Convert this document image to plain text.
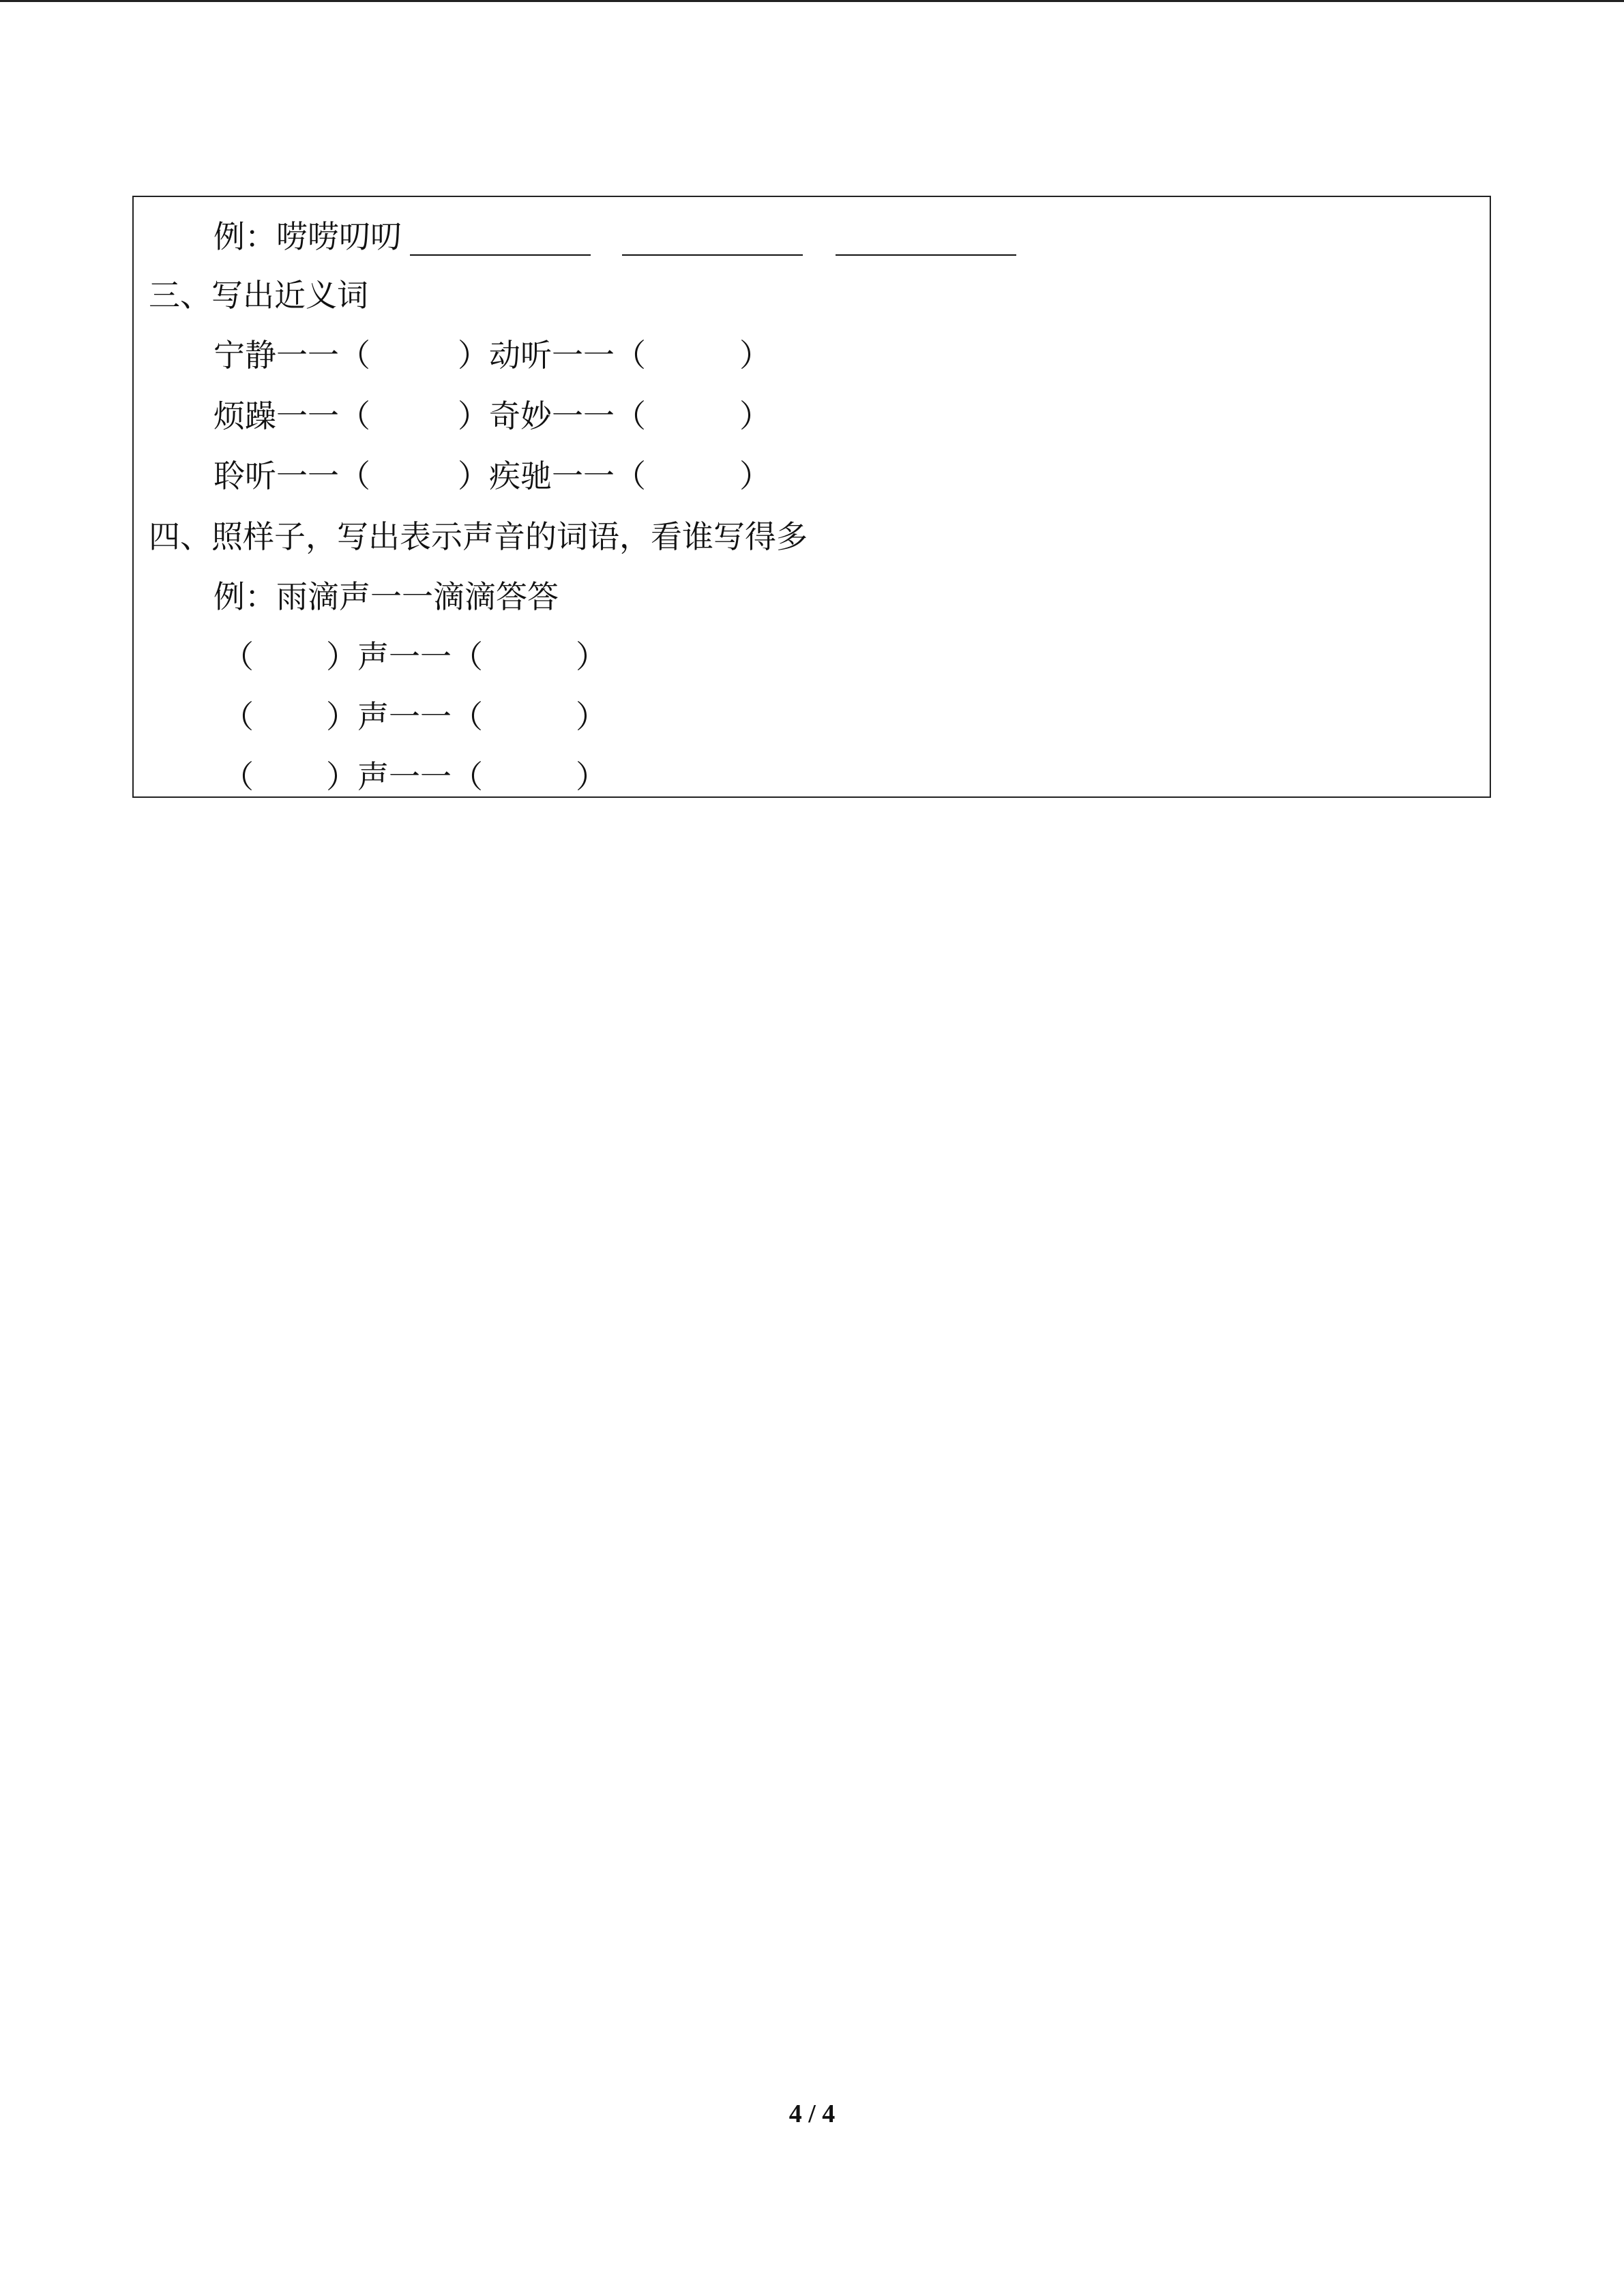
例：唠唠叨叨
三、写出近义词
宁静一一（	）动听一一（	）
烦躁一一（	）奇妙一一（	）
聆听一一（	）疾驰一一（	）
四、照样子，写出表示声音的词语，看谁写得多
例：雨滴声一一滴滴答答
（ ）声一一（	）
（ ）声一一（	）
（ ）声一一（	）
4 / 4
